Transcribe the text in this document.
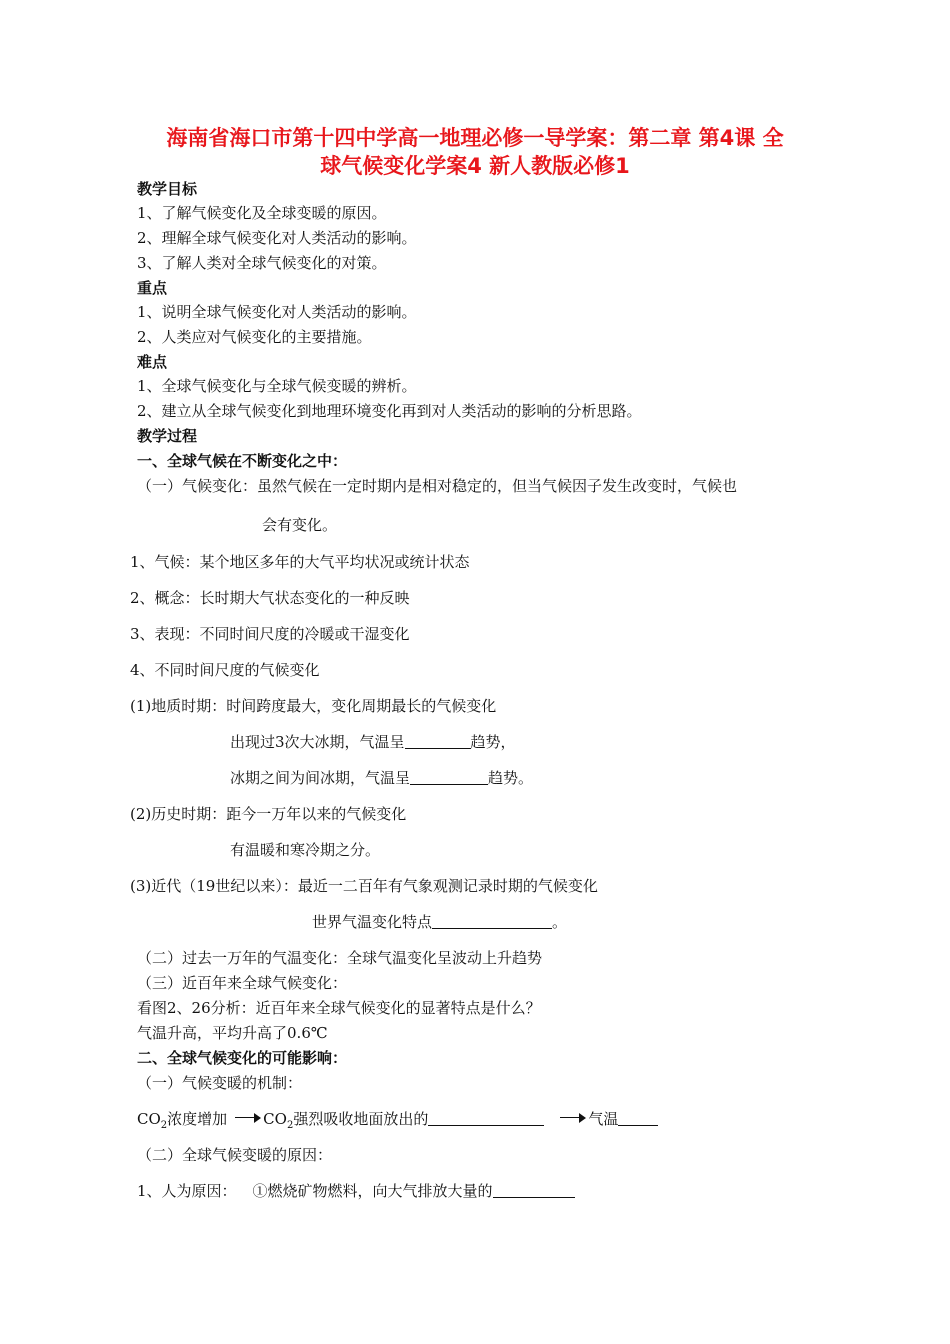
海南省海口市第十四中学高一地理必修一导学案：第二章 第4课 全
球气候变化学案4 新人教版必修1
教学目标
1、了解气候变化及全球变暖的原因。
2、理解全球气候变化对人类活动的影响。
3、了解人类对全球气候变化的对策。
重点
1、说明全球气候变化对人类活动的影响。
2、人类应对气候变化的主要措施。
难点
1、全球气候变化与全球气候变暖的辨析。
2、建立从全球气候变化到地理环境变化再到对人类活动的影响的分析思路。
教学过程
一、全球气候在不断变化之中：
（一）气候变化：虽然气候在一定时期内是相对稳定的，但当气候因子发生改变时，气候也
会有变化。
1、气候：某个地区多年的大气平均状况或统计状态
2、概念：长时期大气状态变化的一种反映
3、表现：不同时间尺度的冷暖或干湿变化
4、不同时间尺度的气候变化
(1)地质时期：时间跨度最大，变化周期最长的气候变化
出现过3次大冰期，气温呈	趋势，
冰期之间为间冰期，气温呈	趋势。
(2)历史时期：距今一万年以来的气候变化
有温暖和寒冷期之分。
(3)近代（19世纪以来）：最近一二百年有气象观测记录时期的气候变化
世界气温变化特点	。
（二）过去一万年的气温变化：全球气温变化呈波动上升趋势
（三）近百年来全球气候变化：
看图2、26分析：近百年来全球气候变化的显著特点是什么？
气温升高，平均升高了0.6℃
二、全球气候变化的可能影响：
（一）气候变暖的机制：
$CO_2$浓度增加 $CO_2$强烈吸收地面放出的	气温
（二）全球气候变暖的原因：
1、人为原因： ①燃烧矿物燃料，向大气排放大量的
